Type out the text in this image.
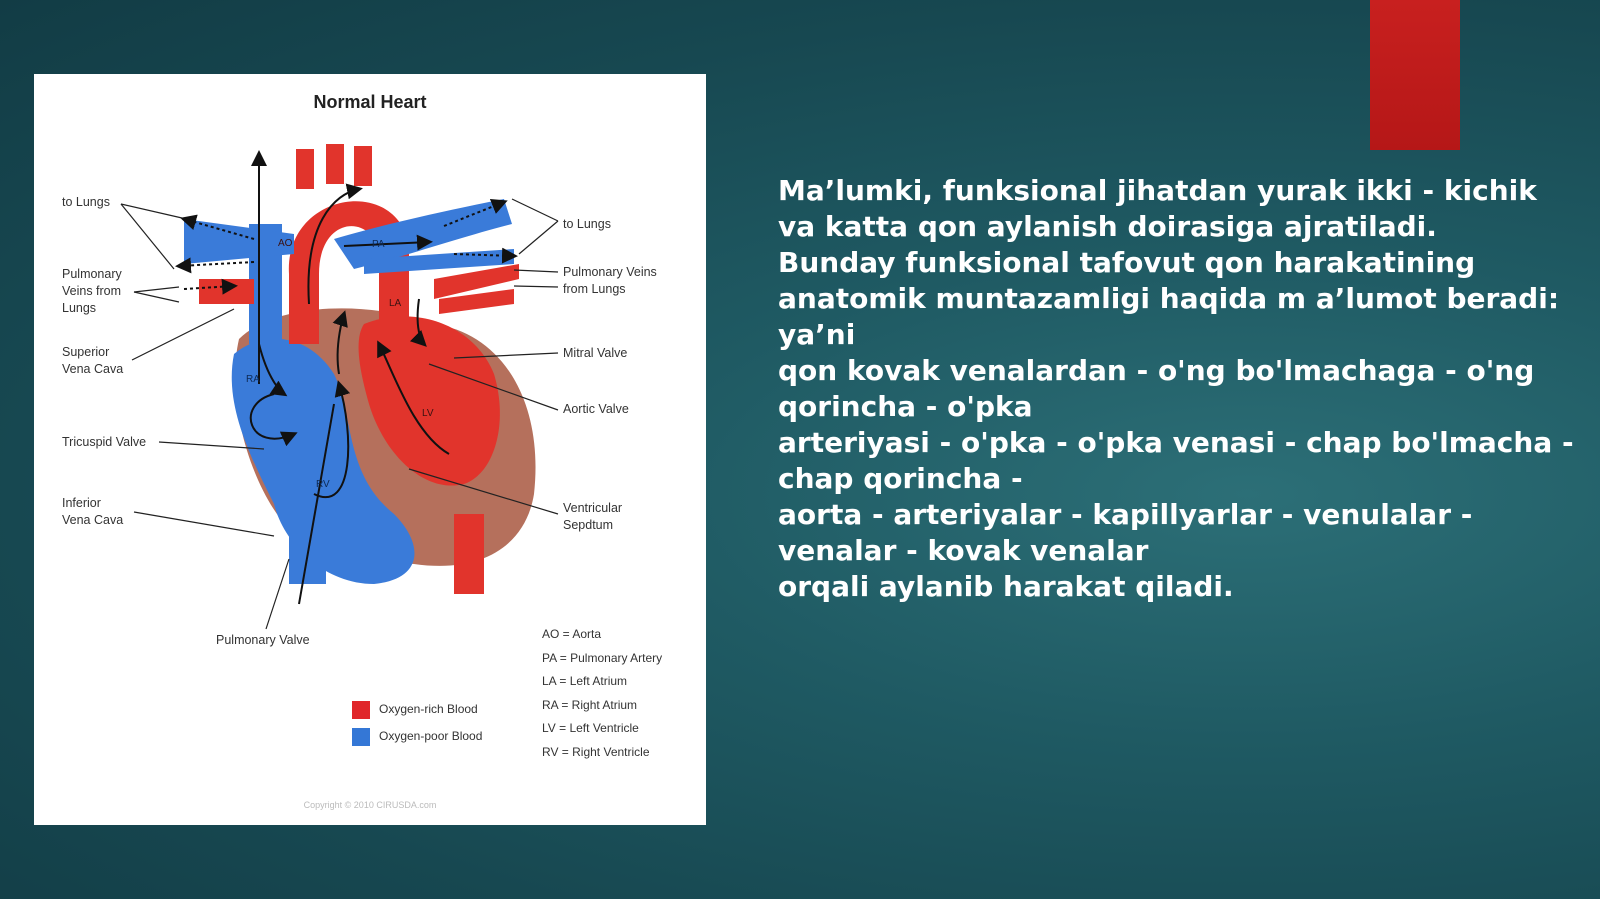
Normal Heart
AO	PA
LA
RA
LV
RV
to Lungs
Pulmonary
Veins from
Lungs
Superior
Vena Cava
Tricuspid Valve
Inferior
Vena Cava
Pulmonary Valve
to Lungs
Pulmonary Veins
from Lungs
Mitral Valve
Aortic Valve
Ventricular
Sepdtum
Oxygen-rich Blood
Oxygen-poor Blood
AO = Aorta
PA = Pulmonary Artery
LA = Left Atrium
RA = Right Atrium
LV = Left Ventricle
RV = Right Ventricle
Copyright © 2010 CIRUSDA.com
Ma’lumki, funksional jihatdan yurak ikki - kichik
va katta qon aylanish doirasiga ajratiladi.
Bunday funksional tafovut qon harakatining
anatomik muntazamligi haqida m a’lumot beradi:
ya’ni
qon kovak venalardan - o'ng bo'lmachaga - o'ng
qorincha - o'pka
arteriyasi - o'pka - o'pka venasi - chap bo'lmacha -
chap qorincha -
aorta - arteriyalar - kapillyarlar - venulalar -
venalar - kovak venalar
orqali aylanib harakat qiladi.
